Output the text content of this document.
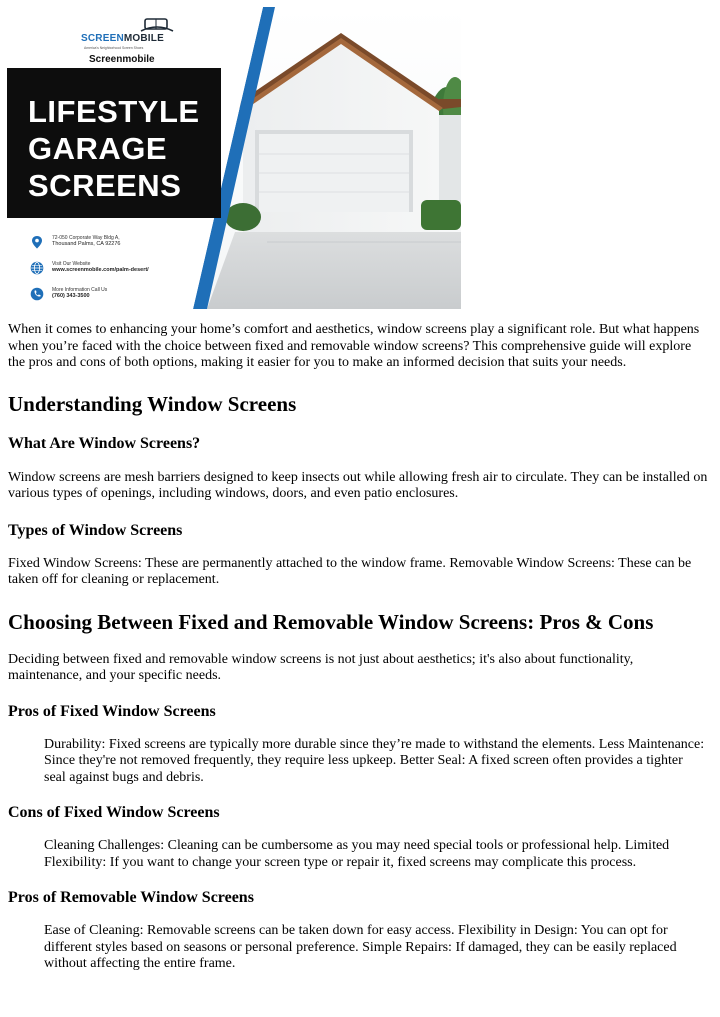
SCREENMOBILE
America's Neighborhood Screen Shoes
Screenmobile
LIFESTYLE
GARAGE
SCREENS
72-050 Corporate Way Bldg A,
Thousand Palms, CA 92276
Visit Our Website
www.screenmobile.com/palm-desert/
More Information Call Us
(760) 343-3500

When it comes to enhancing your home’s comfort and aesthetics, window screens play a significant role. But what happens when you’re faced with the choice between fixed and removable window screens? This comprehensive guide will explore the pros and cons of both options, making it easier for you to make an informed decision that suits your needs.

Understanding Window Screens
What Are Window Screens?

Window screens are mesh barriers designed to keep insects out while allowing fresh air to circulate. They can be installed on various types of openings, including windows, doors, and even patio enclosures.

Types of Window Screens

Fixed Window Screens: These are permanently attached to the window frame. Removable Window Screens: These can be taken off for cleaning or replacement.

Choosing Between Fixed and Removable Window Screens: Pros & Cons

Deciding between fixed and removable window screens is not just about aesthetics; it's also about functionality, maintenance, and your specific needs.

Pros of Fixed Window Screens

Durability: Fixed screens are typically more durable since they’re made to withstand the elements. Less Maintenance: Since they're not removed frequently, they require less upkeep. Better Seal: A fixed screen often provides a tighter seal against bugs and debris.

Cons of Fixed Window Screens

Cleaning Challenges: Cleaning can be cumbersome as you may need special tools or professional help. Limited Flexibility: If you want to change your screen type or repair it, fixed screens may complicate this process.

Pros of Removable Window Screens

Ease of Cleaning: Removable screens can be taken down for easy access. Flexibility in Design: You can opt for different styles based on seasons or personal preference. Simple Repairs: If damaged, they can be easily replaced without affecting the entire frame.
